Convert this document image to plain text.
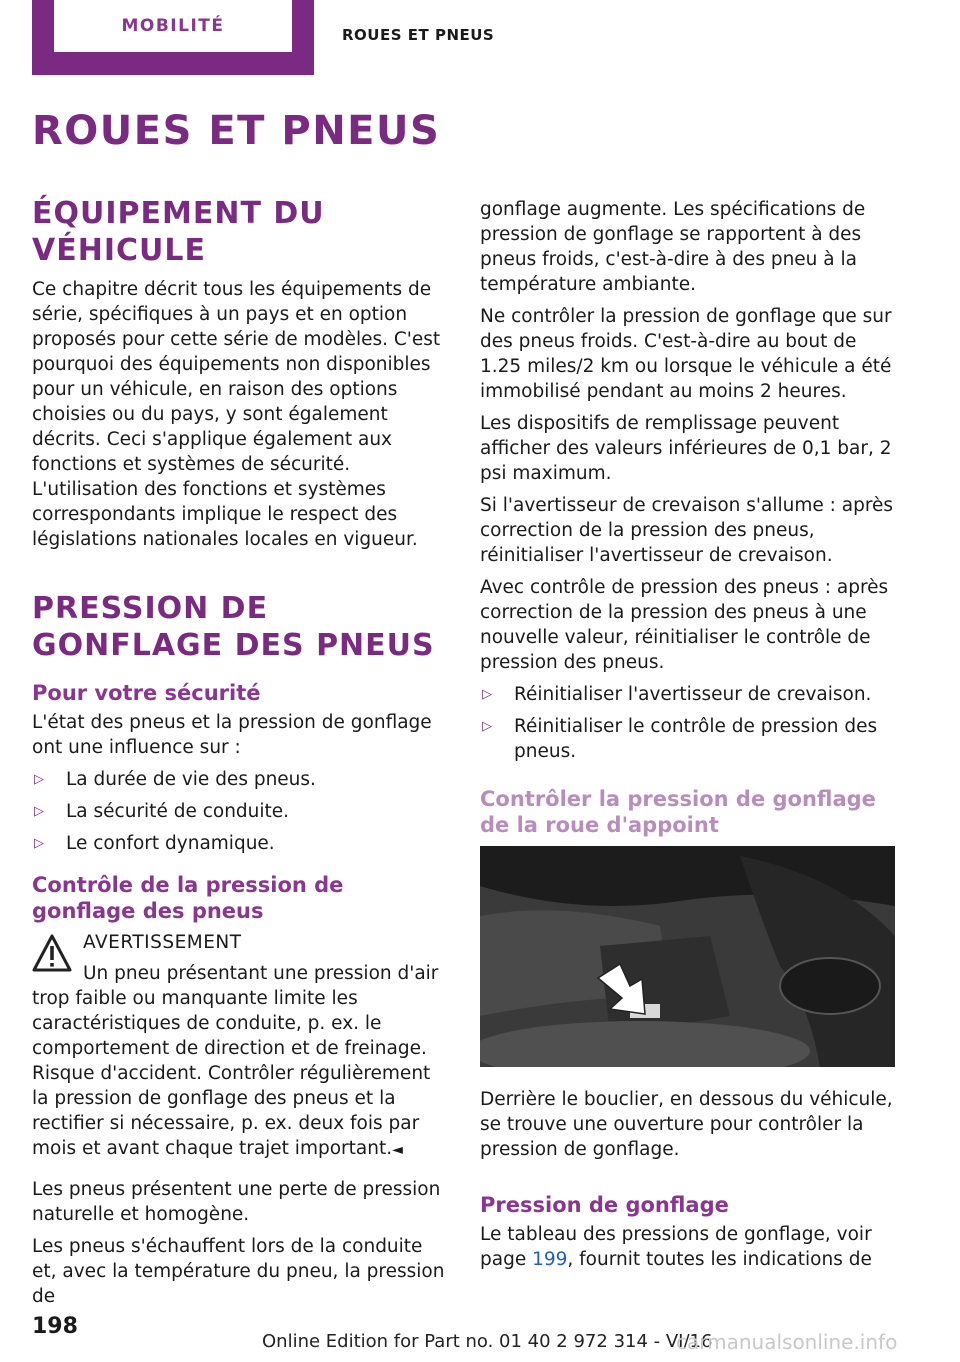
MOBILITÉ	ROUES ET PNEUS
ROUES ET PNEUS
ÉQUIPEMENT DU VÉHICULE

Ce chapitre décrit tous les équipements de série, spécifiques à un pays et en option proposés pour cette série de modèles. C'est pourquoi des équipements non disponibles pour un véhicule, en raison des options choisies ou du pays, y sont également décrits. Ceci s'applique également aux fonctions et systèmes de sécurité. L'utilisation des fonctions et systèmes correspondants implique le respect des législations nationales locales en vigueur.

PRESSION DE GONFLAGE DES PNEUS
Pour votre sécurité

L'état des pneus et la pression de gonflage ont une influence sur :

▷ La durée de vie des pneus.
▷ La sécurité de conduite.
▷ Le confort dynamique.
Contrôle de la pression de gonflage des pneus
AVERTISSEMENT

Un pneu présentant une pression d'air trop faible ou manquante limite les caractéristiques de conduite, p. ex. le comportement de direction et de freinage. Risque d'accident. Contrôler régulièrement la pression de gonflage des pneus et la rectifier si nécessaire, p. ex. deux fois par mois et avant chaque trajet important.◄

Les pneus présentent une perte de pression naturelle et homogène.

Les pneus s'échauffent lors de la conduite et, avec la température du pneu, la pression de

gonflage augmente. Les spécifications de pression de gonflage se rapportent à des pneus froids, c'est-à-dire à des pneu à la température ambiante.

Ne contrôler la pression de gonflage que sur des pneus froids. C'est-à-dire au bout de 1.25 miles/2 km ou lorsque le véhicule a été immobilisé pendant au moins 2 heures.

Les dispositifs de remplissage peuvent afficher des valeurs inférieures de 0,1 bar, 2 psi maximum.

Si l'avertisseur de crevaison s'allume : après correction de la pression des pneus, réinitialiser l'avertisseur de crevaison.

Avec contrôle de pression des pneus : après correction de la pression des pneus à une nouvelle valeur, réinitialiser le contrôle de pression des pneus.

▷ Réinitialiser l'avertisseur de crevaison.
▷ Réinitialiser le contrôle de pression des pneus.
Contrôler la pression de gonflage de la roue d'appoint

Derrière le bouclier, en dessous du véhicule, se trouve une ouverture pour contrôler la pression de gonflage.

Pression de gonflage

Le tableau des pressions de gonflage, voir page 199, fournit toutes les indications de

198
Online Edition for Part no. 01 40 2 972 314 - VI/16
carmanualsonline.info
